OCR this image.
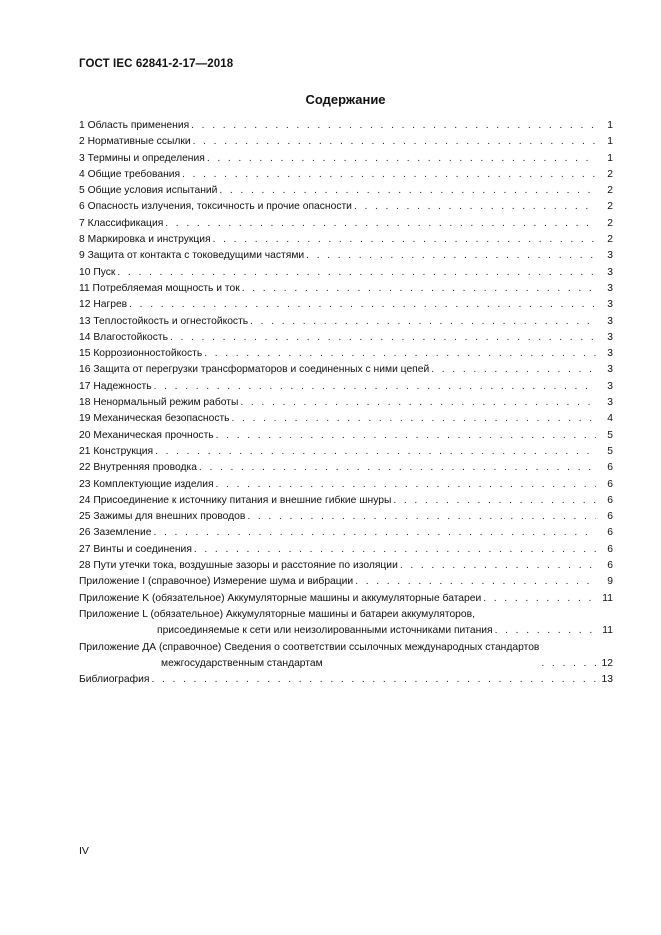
ГОСТ IEC 62841-2-17—2018
Содержание
1 Область применения . . .	1
2 Нормативные ссылки . . .	1
3 Термины и определения . . .	1
4 Общие требования . . .	2
5 Общие условия испытаний . . .	2
6 Опасность излучения, токсичность и прочие опасности . . .	2
7 Классификация . . .	2
8 Маркировка и инструкция . . .	2
9 Защита от контакта с токоведущими частями . . .	3
10 Пуск . . .	3
11 Потребляемая мощность и ток . . .	3
12 Нагрев . . .	3
13 Теплостойкость и огнестойкость . . .	3
14 Влагостойкость . . .	3
15 Коррозионностойкость . . .	3
16 Защита от перегрузки трансформаторов и соединенных с ними цепей . . .	3
17 Надежность . . .	3
18 Ненормальный режим работы . . .	3
19 Механическая безопасность . . .	4
20 Механическая прочность . . .	5
21 Конструкция . . .	5
22 Внутренняя проводка . . .	6
23 Комплектующие изделия . . .	6
24 Присоединение к источнику питания и внешние гибкие шнуры . . .	6
25 Зажимы для внешних проводов . . .	6
26 Заземление . . .	6
27 Винты и соединения . . .	6
28 Пути утечки тока, воздушные зазоры и расстояние по изоляции . . .	6
Приложение I (справочное) Измерение шума и вибрации . . .	9
Приложение K (обязательное) Аккумуляторные машины и аккумуляторные батареи . . .	11
Приложение L (обязательное) Аккумуляторные машины и батареи аккумуляторов,
присоединяемые к сети или неизолированными источниками питания . . .	11
Приложение ДА (справочное) Сведения о соответствии ссылочных международных стандартов
межгосударственным стандартам . . .	12
Библиография . . .	13
IV
